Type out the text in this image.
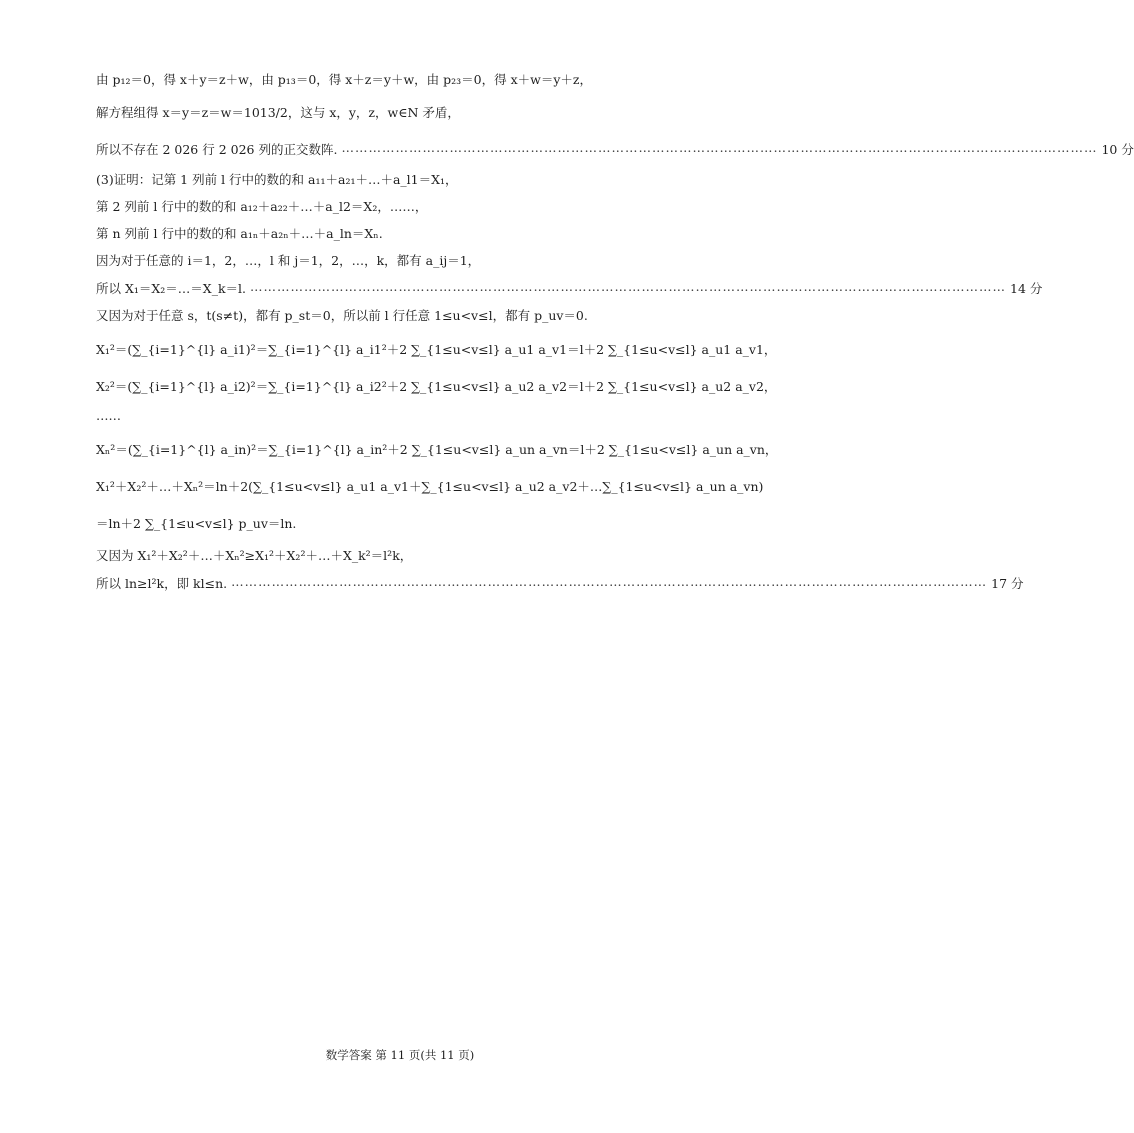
由 p₁₂＝0，得 x＋y＝z＋w，由 p₁₃＝0，得 x＋z＝y＋w，由 p₂₃＝0，得 x＋w＝y＋z，
解方程组得 x＝y＝z＝w＝1013/2，这与 x，y，z，w∈N 矛盾，
所以不存在 2 026 行 2 026 列的正交数阵. …………………………………………………………………………………………………………………………………………………… 10 分
(3)证明：记第 1 列前 l 行中的数的和 a₁₁＋a₂₁＋…＋a_l1＝X₁，
第 2 列前 l 行中的数的和 a₁₂＋a₂₂＋…＋a_l2＝X₂，……，
第 n 列前 l 行中的数的和 a₁ₙ＋a₂ₙ＋…＋a_ln＝Xₙ.
因为对于任意的 i＝1，2，…，l 和 j＝1，2，…，k，都有 a_ij＝1，
所以 X₁＝X₂＝…＝X_k＝l. …………………………………………………………………………………………………………………………………………………… 14 分
又因为对于任意 s，t(s≠t)，都有 p_st＝0，所以前 l 行任意 1≤u<v≤l，都有 p_uv＝0.
X₁²＝(∑_{i=1}^{l} a_i1)²＝∑_{i=1}^{l} a_i1²＋2 ∑_{1≤u<v≤l} a_u1 a_v1＝l＋2 ∑_{1≤u<v≤l} a_u1 a_v1，
X₂²＝(∑_{i=1}^{l} a_i2)²＝∑_{i=1}^{l} a_i2²＋2 ∑_{1≤u<v≤l} a_u2 a_v2＝l＋2 ∑_{1≤u<v≤l} a_u2 a_v2，
……
Xₙ²＝(∑_{i=1}^{l} a_in)²＝∑_{i=1}^{l} a_in²＋2 ∑_{1≤u<v≤l} a_un a_vn＝l＋2 ∑_{1≤u<v≤l} a_un a_vn，
X₁²＋X₂²＋…＋Xₙ²＝ln＋2(∑_{1≤u<v≤l} a_u1 a_v1＋∑_{1≤u<v≤l} a_u2 a_v2＋…∑_{1≤u<v≤l} a_un a_vn)
＝ln＋2 ∑_{1≤u<v≤l} p_uv＝ln.
又因为 X₁²＋X₂²＋…＋Xₙ²≥X₁²＋X₂²＋…＋X_k²＝l²k，
所以 ln≥l²k，即 kl≤n. …………………………………………………………………………………………………………………………………………………… 17 分
数学答案 第 11 页(共 11 页)
